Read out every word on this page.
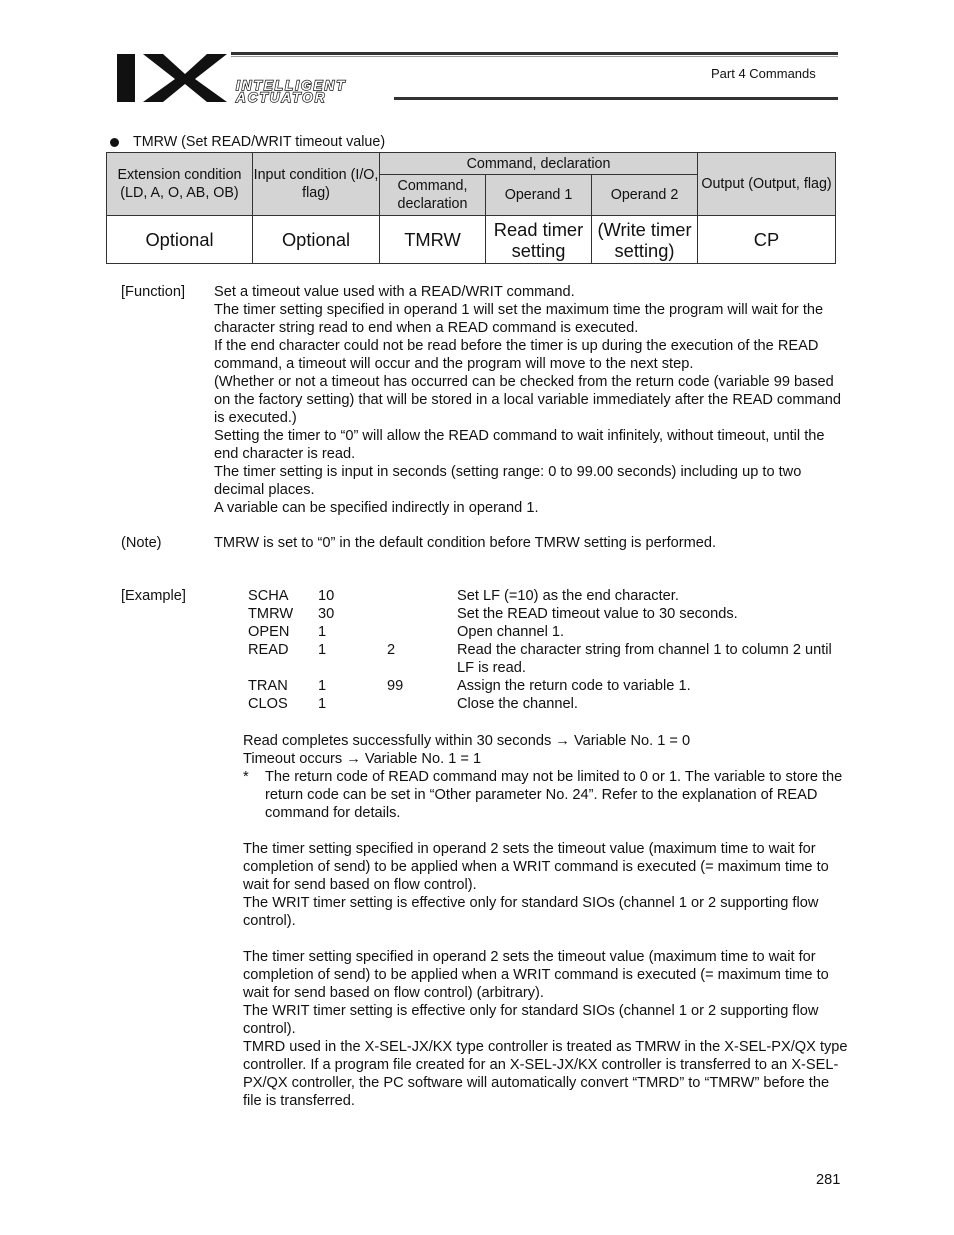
INTELLIGENT
ACTUATOR
Part 4 Commands
TMRW (Set READ/WRIT timeout value)
Extension condition (LD, A, O, AB, OB)	Input condition (I/O, flag)	Command, declaration			Output (Output, flag)
		Command, declaration	Operand 1	Operand 2	
Optional	Optional	TMRW	Read timer setting	(Write timer setting)	CP
[Function] Set a timeout value used with a READ/WRIT command.
The timer setting specified in operand 1 will set the maximum time the program will wait for the character string read to end when a READ command is executed.
If the end character could not be read before the timer is up during the execution of the READ command, a timeout will occur and the program will move to the next step.
(Whether or not a timeout has occurred can be checked from the return code (variable 99 based on the factory setting) that will be stored in a local variable immediately after the READ command is executed.)
Setting the timer to “0” will allow the READ command to wait infinitely, without timeout, until the end character is read.
The timer setting is input in seconds (setting range: 0 to 99.00 seconds) including up to two decimal places.
A variable can be specified indirectly in operand 1.
(Note)	TMRW is set to “0” in the default condition before TMRW setting is performed.
[Example]	SCHA 10	Set LF (=10) as the end character.
TMRW 30	Set the READ timeout value to 30 seconds.
OPEN 1	Open channel 1.
READ 1	2	Read the character string from channel 1 to column 2 until LF is read.
TRAN 1	99	Assign the return code to variable 1.
CLOS 1	Close the channel.
Read completes successfully within 30 seconds → Variable No. 1 = 0
Timeout occurs → Variable No. 1 = 1
* The return code of READ command may not be limited to 0 or 1. The variable to store the return code can be set in “Other parameter No. 24”. Refer to the explanation of READ command for details.
The timer setting specified in operand 2 sets the timeout value (maximum time to wait for completion of send) to be applied when a WRIT command is executed (= maximum time to wait for send based on flow control).
The WRIT timer setting is effective only for standard SIOs (channel 1 or 2 supporting flow control).
The timer setting specified in operand 2 sets the timeout value (maximum time to wait for completion of send) to be applied when a WRIT command is executed (= maximum time to wait for send based on flow control) (arbitrary).
The WRIT timer setting is effective only for standard SIOs (channel 1 or 2 supporting flow control).
TMRD used in the X-SEL-JX/KX type controller is treated as TMRW in the X-SEL-PX/QX type controller. If a program file created for an X-SEL-JX/KX controller is transferred to an X-SEL-PX/QX controller, the PC software will automatically convert “TMRD” to “TMRW” before the file is transferred.
281
